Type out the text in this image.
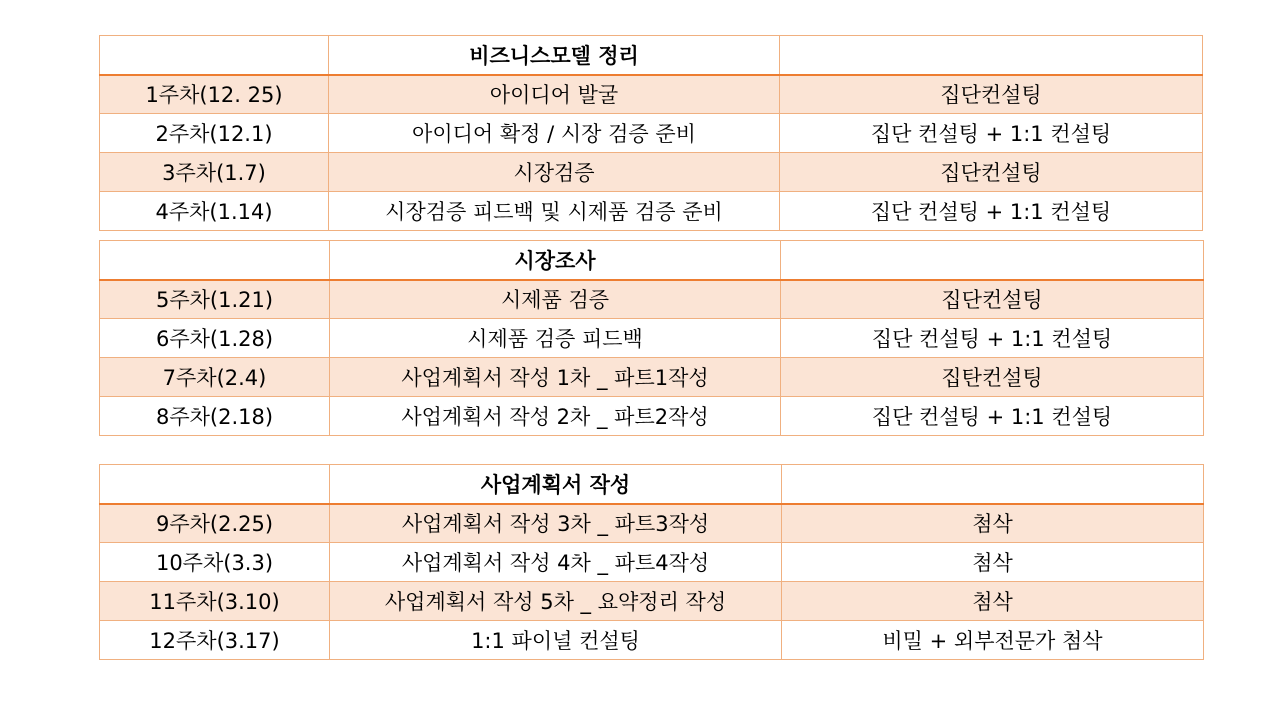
	비즈니스모델 정리	
1주차(12. 25)	아이디어 발굴	집단컨설팅
2주차(12.1)	아이디어 확정 / 시장 검증 준비	집단 컨설팅 + 1:1 컨설팅
3주차(1.7)	시장검증	집단컨설팅
4주차(1.14)	시장검증 피드백 및 시제품 검증 준비	집단 컨설팅 + 1:1 컨설팅
	시장조사	
5주차(1.21)	시제품 검증	집단컨설팅
6주차(1.28)	시제품 검증 피드백	집단 컨설팅 + 1:1 컨설팅
7주차(2.4)	사업계획서 작성 1차 _ 파트1작성	집탄컨설팅
8주차(2.18)	사업계획서 작성 2차 _ 파트2작성	집단 컨설팅 + 1:1 컨설팅
	사업계획서 작성	
9주차(2.25)	사업계획서 작성 3차 _ 파트3작성	첨삭
10주차(3.3)	사업계획서 작성 4차 _ 파트4작성	첨삭
11주차(3.10)	사업계획서 작성 5차 _ 요약정리 작성	첨삭
12주차(3.17)	1:1 파이널 컨설팅	비밀 + 외부전문가 첨삭
